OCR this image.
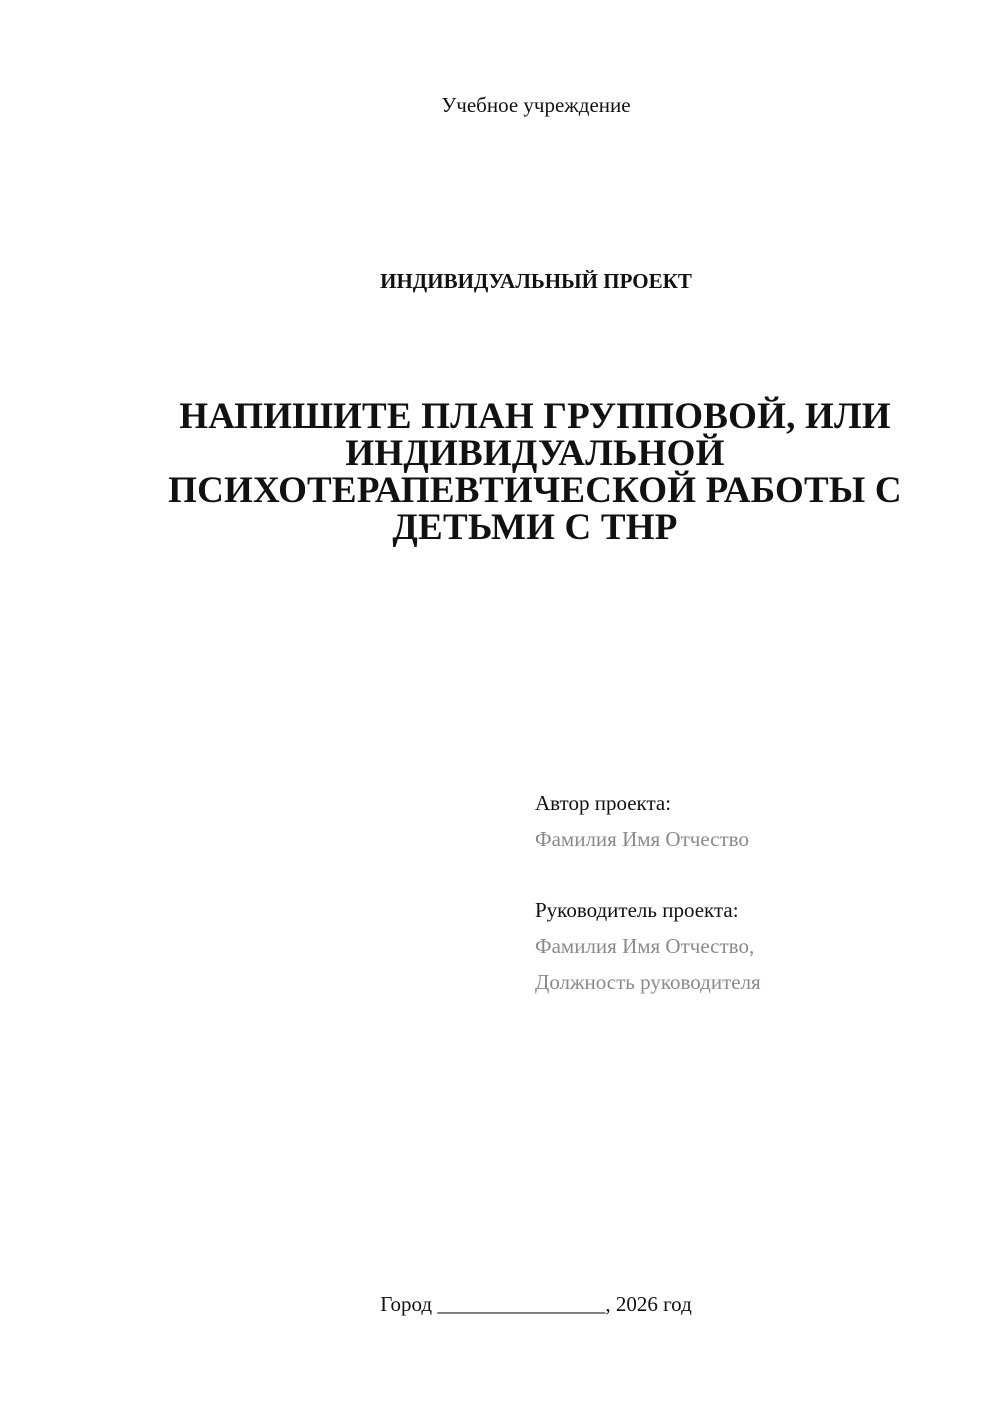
Учебное учреждение
ИНДИВИДУАЛЬНЫЙ ПРОЕКТ
НАПИШИТЕ ПЛАН ГРУППОВОЙ, ИЛИ
ИНДИВИДУАЛЬНОЙ
ПСИХОТЕРАПЕВТИЧЕСКОЙ РАБОТЫ С
ДЕТЬМИ С ТНР
Автор проекта:
Фамилия Имя Отчество
Руководитель проекта:
Фамилия Имя Отчество,
Должность руководителя
Город ________________, 2026 год
